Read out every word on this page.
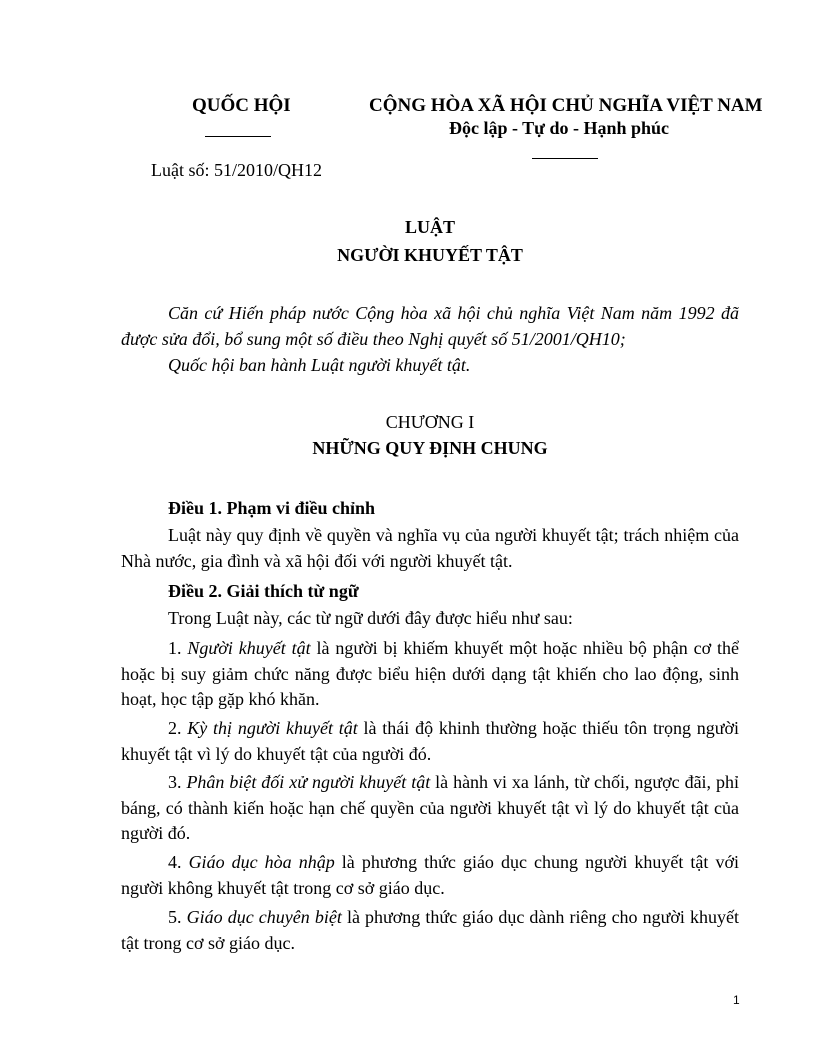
QUỐC HỘI	CỘNG HÒA XÃ HỘI CHỦ NGHĨA VIỆT NAM
Độc lập - Tự do - Hạnh phúc
Luật số: 51/2010/QH12
LUẬT
NGƯỜI KHUYẾT TẬT
Căn cứ Hiến pháp nước Cộng hòa xã hội chủ nghĩa Việt Nam năm 1992 đã được sửa đổi, bổ sung một số điều theo Nghị quyết số 51/2001/QH10;
Quốc hội ban hành Luật người khuyết tật.
CHƯƠNG I
NHỮNG QUY ĐỊNH CHUNG
Điều 1. Phạm vi điều chỉnh
Luật này quy định về quyền và nghĩa vụ của người khuyết tật; trách nhiệm của Nhà nước, gia đình và xã hội đối với người khuyết tật.
Điều 2. Giải thích từ ngữ
Trong Luật này, các từ ngữ dưới đây được hiểu như sau:
1. Người khuyết tật là người bị khiếm khuyết một hoặc nhiều bộ phận cơ thể hoặc bị suy giảm chức năng được biểu hiện dưới dạng tật khiến cho lao động, sinh hoạt, học tập gặp khó khăn.
2. Kỳ thị người khuyết tật là thái độ khinh thường hoặc thiếu tôn trọng người khuyết tật vì lý do khuyết tật của người đó.
3. Phân biệt đối xử người khuyết tật là hành vi xa lánh, từ chối, ngược đãi, phỉ báng, có thành kiến hoặc hạn chế quyền của người khuyết tật vì lý do khuyết tật của người đó.
4. Giáo dục hòa nhập là phương thức giáo dục chung người khuyết tật với người không khuyết tật trong cơ sở giáo dục.
5. Giáo dục chuyên biệt là phương thức giáo dục dành riêng cho người khuyết tật trong cơ sở giáo dục.
1
